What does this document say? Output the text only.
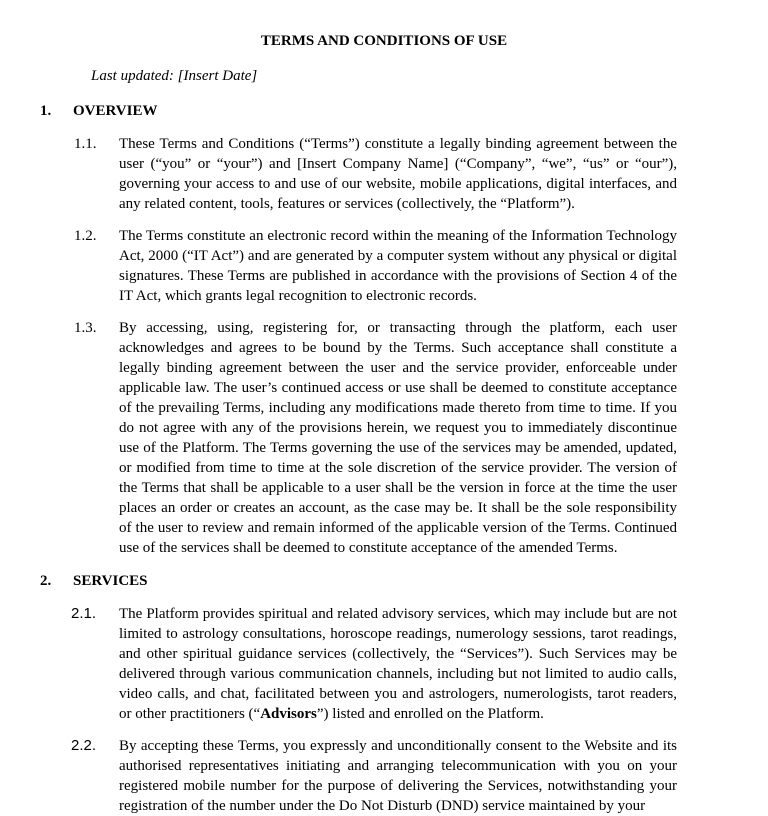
TERMS AND CONDITIONS OF USE
Last updated: [Insert Date]
1. OVERVIEW
1.1. These Terms and Conditions (“Terms”) constitute a legally binding agreement between the user (“you” or “your”) and [Insert Company Name] (“Company”, “we”, “us” or “our”), governing your access to and use of our website, mobile applications, digital interfaces, and any related content, tools, features or services (collectively, the “Platform”).
1.2. The Terms constitute an electronic record within the meaning of the Information Technology Act, 2000 (“IT Act”) and are generated by a computer system without any physical or digital signatures. These Terms are published in accordance with the provisions of Section 4 of the IT Act, which grants legal recognition to electronic records.
1.3. By accessing, using, registering for, or transacting through the platform, each user acknowledges and agrees to be bound by the Terms. Such acceptance shall constitute a legally binding agreement between the user and the service provider, enforceable under applicable law. The user’s continued access or use shall be deemed to constitute acceptance of the prevailing Terms, including any modifications made thereto from time to time. If you do not agree with any of the provisions herein, we request you to immediately discontinue use of the Platform. The Terms governing the use of the services may be amended, updated, or modified from time to time at the sole discretion of the service provider. The version of the Terms that shall be applicable to a user shall be the version in force at the time the user places an order or creates an account, as the case may be. It shall be the sole responsibility of the user to review and remain informed of the applicable version of the Terms. Continued use of the services shall be deemed to constitute acceptance of the amended Terms.
2. SERVICES
2.1. The Platform provides spiritual and related advisory services, which may include but are not limited to astrology consultations, horoscope readings, numerology sessions, tarot readings, and other spiritual guidance services (collectively, the “Services”). Such Services may be delivered through various communication channels, including but not limited to audio calls, video calls, and chat, facilitated between you and astrologers, numerologists, tarot readers, or other practitioners (“Advisors”) listed and enrolled on the Platform.
2.2. By accepting these Terms, you expressly and unconditionally consent to the Website and its authorised representatives initiating and arranging telecommunication with you on your registered mobile number for the purpose of delivering the Services, notwithstanding your registration of the number under the Do Not Disturb (DND) service maintained by your
